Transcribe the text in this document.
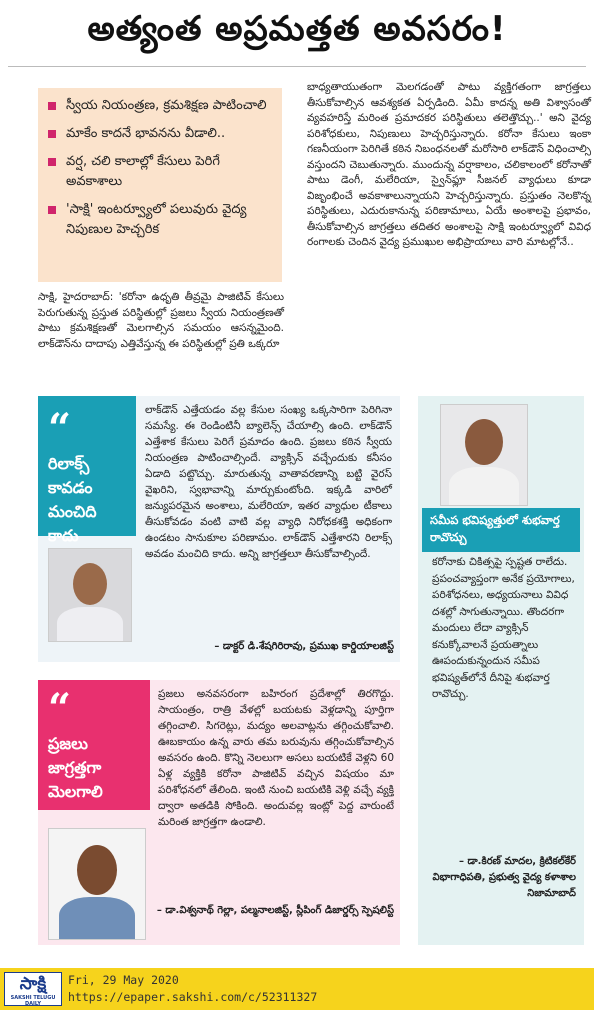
అత్యంత అప్రమత్తత అవసరం!
స్వీయ నియంత్రణ, క్రమశిక్షణ పాటించాలి
మాకేం కాదనే భావనను వీడాలి..
వర్ష, చలి కాలాల్లో కేసులు పెరిగే అవకాశాలు
'సాక్షి' ఇంటర్వ్యూలో పలువురు వైద్య నిపుణుల హెచ్చరిక
సాక్షి, హైదరాబాద్: 'కరోనా ఉధృతి తీవ్రమై పాజిటివ్ కేసులు పెరుగుతున్న ప్రస్తుత పరిస్థితుల్లో ప్రజలు స్వీయ నియంత్రణతో పాటు క్రమశిక్షణతో మెలగాల్సిన సమయం ఆసన్నమైంది. లాక్‌డౌన్‌ను దాదాపు ఎత్తివేస్తున్న ఈ పరిస్థితుల్లో ప్రతి ఒక్కరూ
బాధ్యతాయుతంగా మెలగడంతో పాటు వ్యక్తిగతంగా జాగ్రత్తలు తీసుకోవాల్సిన ఆవశ్యకత ఏర్పడింది. ఏమీ కాదన్న అతి విశ్వాసంతో వ్యవహరిస్తే మరింత ప్రమాదకర పరిస్థితులు తలెత్తొచ్చు..' అని వైద్య పరిశోధకులు, నిపుణులు హెచ్చరిస్తున్నారు. కరోనా కేసులు ఇంకా గణనీయంగా పెరిగితే కఠిన నిబంధనలతో మరోసారి లాక్‌డౌన్ విధించాల్సి వస్తుందని చెబుతున్నారు. ముందున్న వర్షాకాలం, చలికాలంలో కరోనాతో పాటు డెంగీ, మలేరియా, స్వైన్‌ఫ్లూ సీజనల్ వ్యాధులు కూడా విజృంభించే అవకాశాలున్నాయని హెచ్చరిస్తున్నారు. ప్రస్తుతం నెలకొన్న పరిస్థితులు, ఎదురుకానున్న పరిణామాలు, ఏయే అంశాలపై ప్రభావం, తీసుకోవాల్సిన జాగ్రత్తలు తదితర అంశాలపై సాక్షి ఇంటర్వ్యూలో వివిధ రంగాలకు చెందిన వైద్య ప్రముఖుల అభిప్రాయాలు వారి మాటల్లోనే..
“
రిలాక్స్ కావడం మంచిది కాదు
లాక్‌డౌన్ ఎత్తేయడం వల్ల కేసుల సంఖ్య ఒక్కసారిగా పెరిగినా సమస్యే. ఈ రెండింటినీ బ్యాలెన్స్ చేయాల్సి ఉంది. లాక్‌డౌన్ ఎత్తేశాక కేసులు పెరిగే ప్రమాదం ఉంది. ప్రజలు కఠిన స్వీయ నియంత్రణ పాటించాల్సిందే. వ్యాక్సిన్ వచ్చేందుకు కనీసం ఏడాది పట్టొచ్చు. మారుతున్న వాతావరణాన్ని బట్టి వైరస్ వైఖరిని, స్వభావాన్ని మార్చుకుంటోంది. ఇక్కడి వారిలో జన్యుపరమైన అంశాలు, మలేరియా, ఇతర వ్యాధుల టీకాలు తీసుకోవడం వంటి వాటి వల్ల వ్యాధి నిరోధకశక్తి అధికంగా ఉండటం సానుకూల పరిణామం. లాక్‌డౌన్ ఎత్తేశారని రిలాక్స్ అవడం మంచిది కాదు. అన్ని జాగ్రత్తలూ తీసుకోవాల్సిందే.
– డాక్టర్ డి.శేషగిరిరావు, ప్రముఖ కార్డియాలజిస్ట్
“
ప్రజలు జాగ్రత్తగా మెలగాలి
ప్రజలు అనవసరంగా బహిరంగ ప్రదేశాల్లో తిరగొద్దు. సాయంత్రం, రాత్రి వేళల్లో బయటకు వెళ్లడాన్ని పూర్తిగా తగ్గించాలి. సిగరెట్లు, మద్యం అలవాట్లను తగ్గించుకోవాలి. ఊబకాయం ఉన్న వారు తమ బరువును తగ్గించుకోవాల్సిన అవసరం ఉంది. కొన్ని నెలలుగా అసలు బయటికే వెళ్లని 60 ఏళ్ల వ్యక్తికి కరోనా పాజిటివ్ వచ్చిన విషయం మా పరిశోధనలో తేలింది. ఇంటి నుంచి బయటికి వెళ్లి వచ్చే వ్యక్తి ద్వారా అతడికి సోకింది. అందువల్ల ఇంట్లో పెద్ద వారుంటే మరింత జాగ్రత్తగా ఉండాలి.
– డా.విశ్వనాథ్ గెల్లా, పల్మనాలజిస్ట్, స్లీపింగ్ డిజార్డర్స్ స్పెషలిస్ట్
సమీప భవిష్యత్తులో శుభవార్త రావొచ్చు
కరోనాకు చికిత్సపై స్పష్టత రాలేదు. ప్రపంచవ్యాప్తంగా అనేక ప్రయోగాలు, పరిశోధనలు, అధ్యయనాలు వివిధ దశల్లో సాగుతున్నాయి. తొందరగా మందులు లేదా వ్యాక్సిన్ కనుక్కోవాలనే ప్రయత్నాలు ఊపందుకున్నందున సమీప భవిష్యత్‌లోనే దీనిపై శుభవార్త రావొచ్చు.
– డా.కిరణ్ మాదల, క్రిటికల్‌కేర్ విభాగాధిపతి, ప్రభుత్వ వైద్య కళాశాల నిజామాబాద్
సాక్షి
SAKSHI TELUGU DAILY
Fri, 29 May 2020
https://epaper.sakshi.com/c/52311327
